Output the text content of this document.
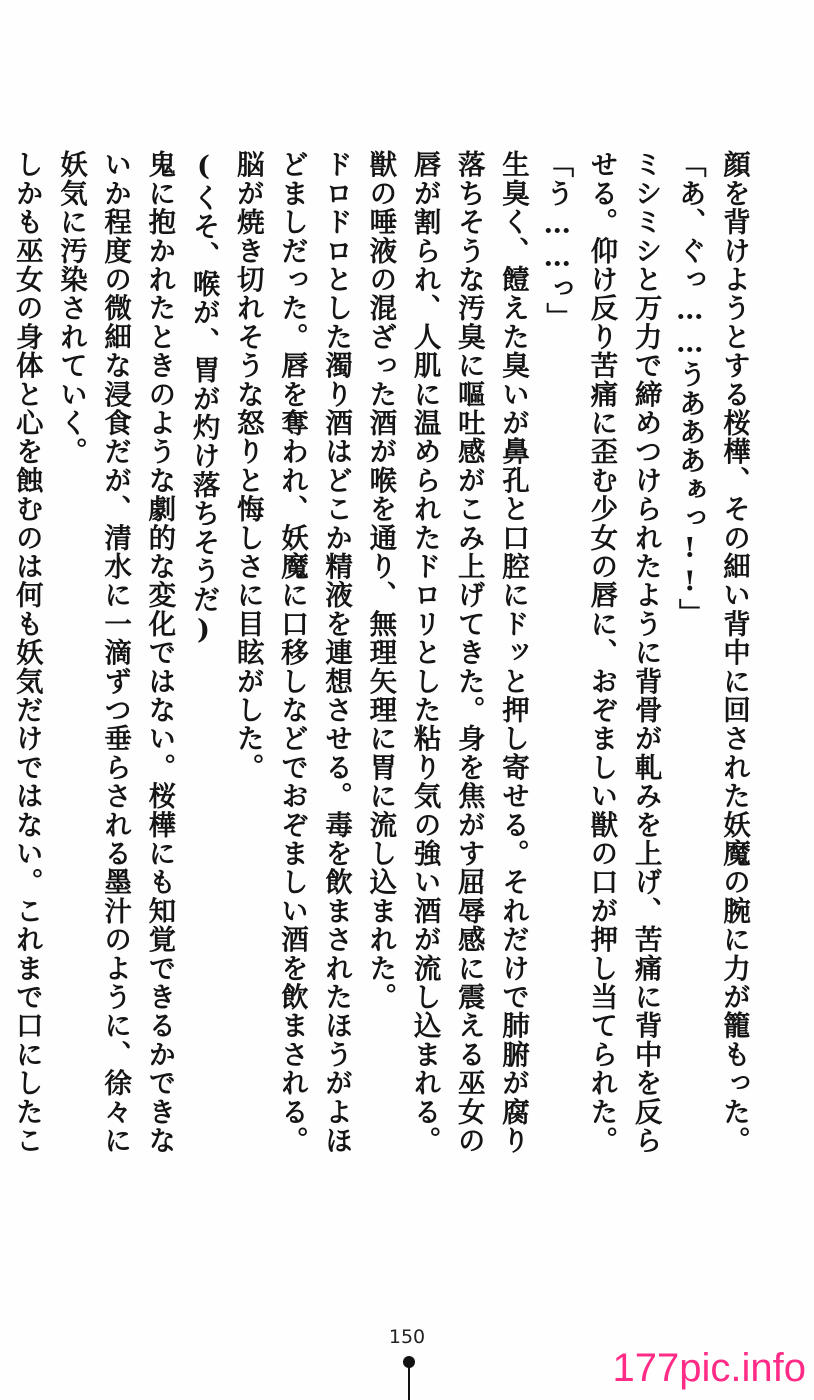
顔を背けようとする桜樺、その細い背中に回された妖魔の腕に力が籠もった。

「あ、ぐっ……うあああぁっ!!」

ミシミシと万力で締めつけられたように背骨が軋みを上げ、苦痛に背中を反らせる。仰け反り苦痛に歪む少女の唇に、おぞましい獣の口が押し当てられた。

「う……っ」

生臭く、饐えた臭いが鼻孔と口腔にドッと押し寄せる。それだけで肺腑が腐り落ちそうな汚臭に嘔吐感がこみ上げてきた。身を焦がす屈辱感に震える巫女の唇が割られ、人肌に温められたドロリとした粘り気の強い酒が流し込まれる。獣の唾液の混ざった酒が喉を通り、無理矢理に胃に流し込まれた。

ドロドロとした濁り酒はどこか精液を連想させる。毒を飲まされたほうがよほどましだった。唇を奪われ、妖魔に口移しなどでおぞましい酒を飲まされる。脳が焼き切れそうな怒りと悔しさに目眩がした。

(くそ、喉が、胃が灼け落ちそうだ)

鬼に抱かれたときのような劇的な変化ではない。桜樺にも知覚できるかできないか程度の微細な浸食だが、清水に一滴ずつ垂らされる墨汁のように、徐々に妖気に汚染されていく。

しかも巫女の身体と心を蝕むのは何も妖気だけではない。これまで口にしたこ

150
177pic.info
